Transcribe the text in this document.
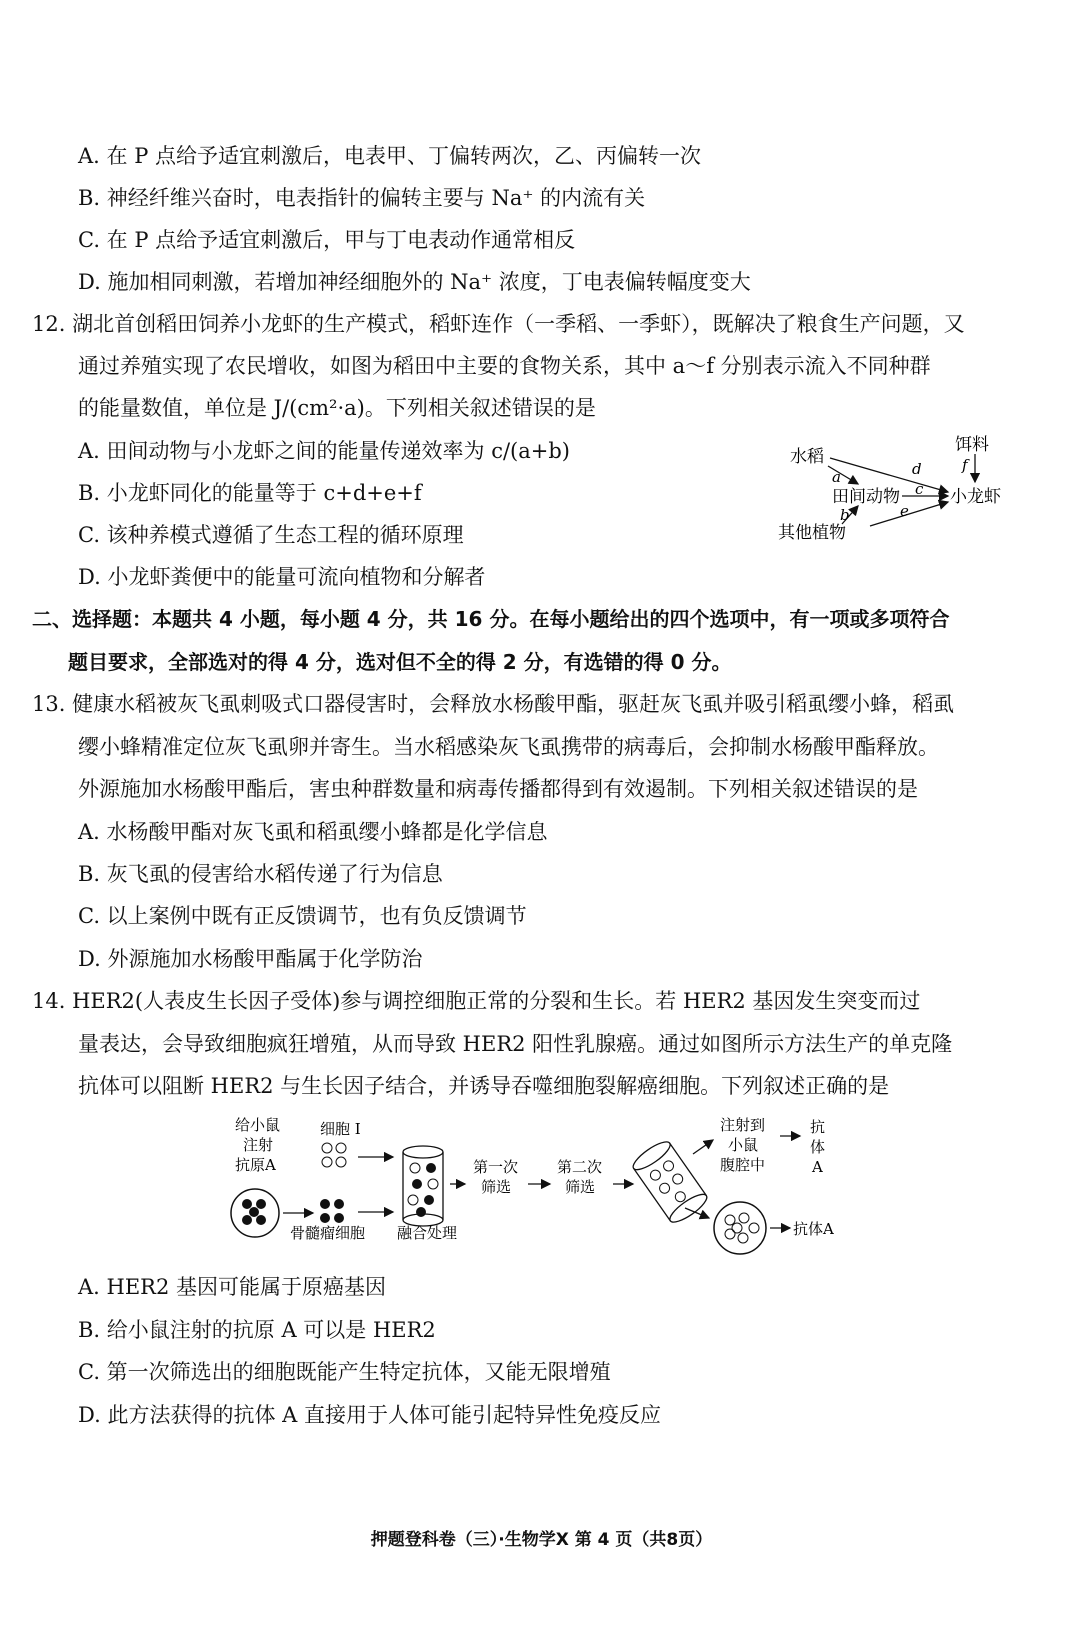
A. 在 P 点给予适宜刺激后，电表甲、丁偏转两次，乙、丙偏转一次
B. 神经纤维兴奋时，电表指针的偏转主要与 Na⁺ 的内流有关
C. 在 P 点给予适宜刺激后，甲与丁电表动作通常相反
D. 施加相同刺激，若增加神经细胞外的 Na⁺ 浓度，丁电表偏转幅度变大
12. 湖北首创稻田饲养小龙虾的生产模式，稻虾连作（一季稻、一季虾），既解决了粮食生产问题，又
通过养殖实现了农民增收，如图为稻田中主要的食物关系，其中 a～f 分别表示流入不同种群
的能量数值，单位是 J/(cm²·a)。下列相关叙述错误的是
A. 田间动物与小龙虾之间的能量传递效率为 c/(a+b)
B. 小龙虾同化的能量等于 c+d+e+f
C. 该种养模式遵循了生态工程的循环原理
D. 小龙虾粪便中的能量可流向植物和分解者
水稻
饵料
田间动物	小龙虾
其他植物
a	d	f
c
b	e
二、选择题：本题共 4 小题，每小题 4 分，共 16 分。在每小题给出的四个选项中，有一项或多项符合
题目要求，全部选对的得 4 分，选对但不全的得 2 分，有选错的得 0 分。
13. 健康水稻被灰飞虱刺吸式口器侵害时，会释放水杨酸甲酯，驱赶灰飞虱并吸引稻虱缨小蜂，稻虱
缨小蜂精准定位灰飞虱卵并寄生。当水稻感染灰飞虱携带的病毒后，会抑制水杨酸甲酯释放。
外源施加水杨酸甲酯后，害虫种群数量和病毒传播都得到有效遏制。下列相关叙述错误的是
A. 水杨酸甲酯对灰飞虱和稻虱缨小蜂都是化学信息
B. 灰飞虱的侵害给水稻传递了行为信息
C. 以上案例中既有正反馈调节，也有负反馈调节
D. 外源施加水杨酸甲酯属于化学防治
14. HER2(人表皮生长因子受体)参与调控细胞正常的分裂和生长。若 HER2 基因发生突变而过
量表达，会导致细胞疯狂增殖，从而导致 HER2 阳性乳腺癌。通过如图所示方法生产的单克隆
抗体可以阻断 HER2 与生长因子结合，并诱导吞噬细胞裂解癌细胞。下列叙述正确的是
给小鼠
注射
抗原A
细胞 I
骨髓瘤细胞 融合处理
第一次
筛选
第二次
筛选
注射到
小鼠
腹腔中
抗
体
A
抗体A
A. HER2 基因可能属于原癌基因
B. 给小鼠注射的抗原 A 可以是 HER2
C. 第一次筛选出的细胞既能产生特定抗体，又能无限增殖
D. 此方法获得的抗体 A 直接用于人体可能引起特异性免疫反应
押题登科卷（三）·生物学X 第 4 页（共8页）
